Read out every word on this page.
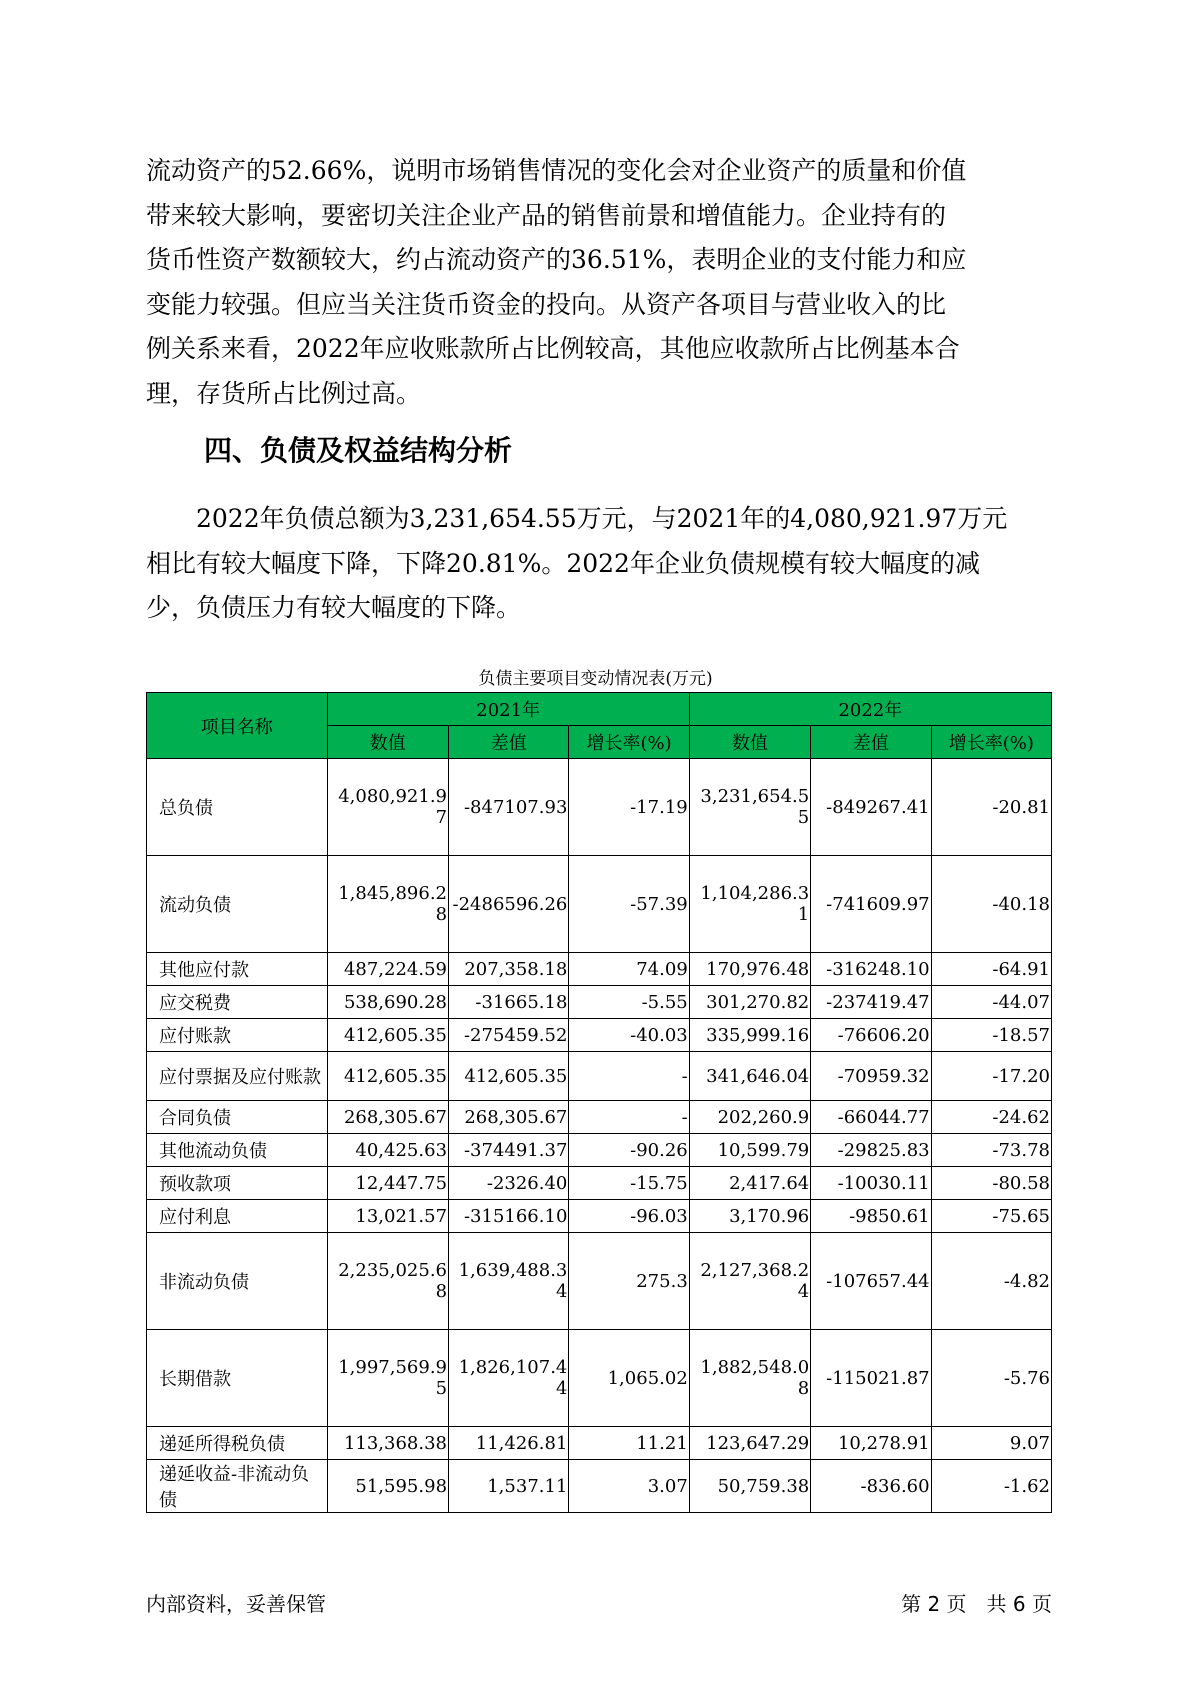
流动资产的52.66%，说明市场销售情况的变化会对企业资产的质量和价值
带来较大影响，要密切关注企业产品的销售前景和增值能力。企业持有的
货币性资产数额较大，约占流动资产的36.51%，表明企业的支付能力和应
变能力较强。但应当关注货币资金的投向。从资产各项目与营业收入的比
例关系来看，2022年应收账款所占比例较高，其他应收款所占比例基本合
理，存货所占比例过高。
四、负债及权益结构分析
　　2022年负债总额为3,231,654.55万元，与2021年的4,080,921.97万元
相比有较大幅度下降，下降20.81%。2022年企业负债规模有较大幅度的减
少，负债压力有较大幅度的下降。
负债主要项目变动情况表(万元)
项目名称	2021年			2022年		
	数值	差值	增长率(%)	数值	差值	增长率(%)
总负债	4,080,921.97	-847107.93	-17.19	3,231,654.55	-849267.41	-20.81
流动负债	1,845,896.28	-2486596.26	-57.39	1,104,286.31	-741609.97	-40.18
其他应付款	487,224.59	207,358.18	74.09	170,976.48	-316248.10	-64.91
应交税费	538,690.28	-31665.18	-5.55	301,270.82	-237419.47	-44.07
应付账款	412,605.35	-275459.52	-40.03	335,999.16	-76606.20	-18.57
应付票据及应付账款	412,605.35	412,605.35	-	341,646.04	-70959.32	-17.20
合同负债	268,305.67	268,305.67	-	202,260.9	-66044.77	-24.62
其他流动负债	40,425.63	-374491.37	-90.26	10,599.79	-29825.83	-73.78
预收款项	12,447.75	-2326.40	-15.75	2,417.64	-10030.11	-80.58
应付利息	13,021.57	-315166.10	-96.03	3,170.96	-9850.61	-75.65
非流动负债	2,235,025.68	1,639,488.34	275.3	2,127,368.24	-107657.44	-4.82
长期借款	1,997,569.95	1,826,107.44	1,065.02	1,882,548.08	-115021.87	-5.76
递延所得税负债	113,368.38	11,426.81	11.21	123,647.29	10,278.91	9.07
递延收益-非流动负债	51,595.98	1,537.11	3.07	50,759.38	-836.60	-1.62
内部资料，妥善保管	第 2 页　共 6 页
